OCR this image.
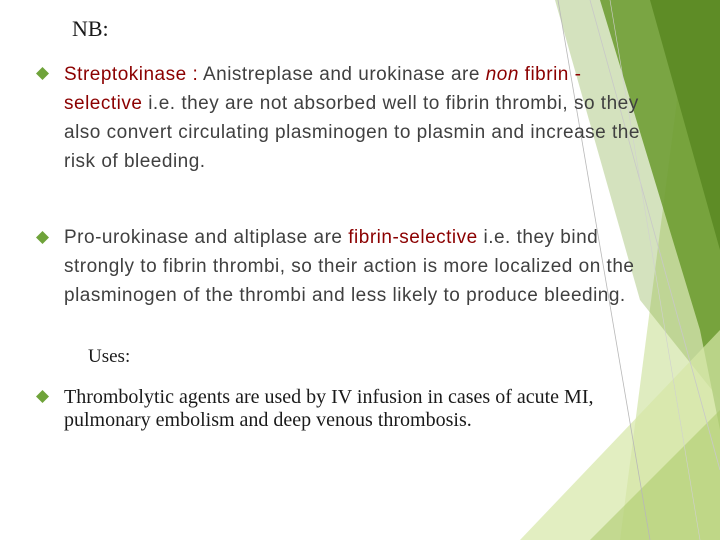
NB:
Streptokinase : Anistreplase and urokinase are non fibrin -selective i.e. they are not absorbed well to fibrin thrombi, so they also convert circulating plasminogen to plasmin and increase the risk of bleeding.
Pro-urokinase and altiplase are fibrin-selective i.e. they bind strongly to fibrin thrombi, so their action is more localized on the plasminogen of the thrombi and less likely to produce bleeding.
Uses:
Thrombolytic agents are used by IV infusion in cases of acute MI, pulmonary embolism and deep venous thrombosis.
